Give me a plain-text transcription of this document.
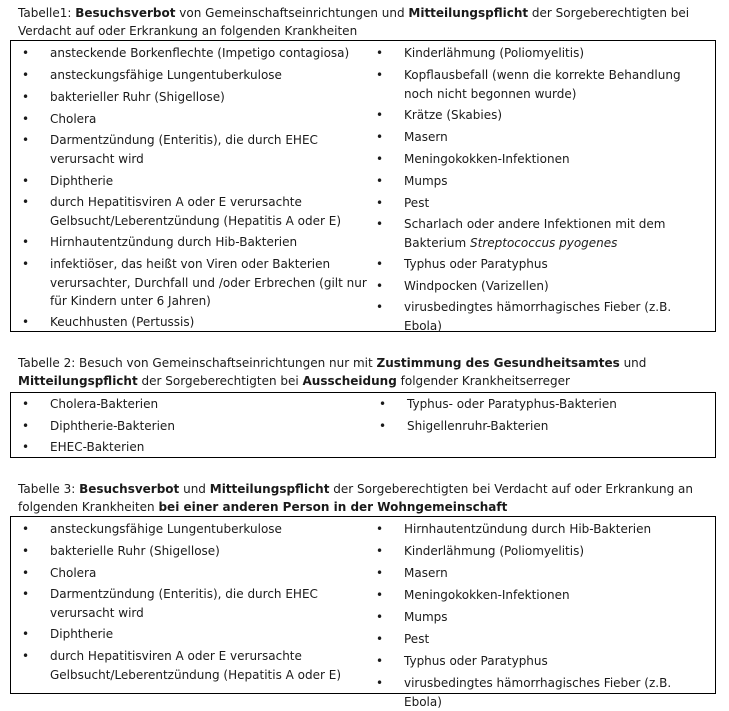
Tabelle1: Besuchsverbot von Gemeinschaftseinrichtungen und Mitteilungspflicht der Sorgeberechtigten bei Verdacht auf oder Erkrankung an folgenden Krankheiten
• ansteckende Borkenflechte (Impetigo contagiosa)
• ansteckungsfähige Lungentuberkulose
• bakterieller Ruhr (Shigellose)
• Cholera
• Darmentzündung (Enteritis), die durch EHEC verursacht wird
• Diphtherie
• durch Hepatitisviren A oder E verursachte Gelbsucht/Leberentzündung (Hepatitis A oder E)
• Hirnhautentzündung durch Hib-Bakterien
• infektiöser, das heißt von Viren oder Bakterien verursachter, Durchfall und /oder Erbrechen (gilt nur für Kindern unter 6 Jahren)
• Keuchhusten (Pertussis)
• Kinderlähmung (Poliomyelitis)
• Kopflausbefall (wenn die korrekte Behandlung noch nicht begonnen wurde)
• Krätze (Skabies)
• Masern
• Meningokokken-Infektionen
• Mumps
• Pest
• Scharlach oder andere Infektionen mit dem Bakterium Streptococcus pyogenes
• Typhus oder Paratyphus
• Windpocken (Varizellen)
• virusbedingtes hämorrhagisches Fieber (z.B. Ebola)
Tabelle 2: Besuch von Gemeinschaftseinrichtungen nur mit Zustimmung des Gesundheitsamtes und Mitteilungspflicht der Sorgeberechtigten bei Ausscheidung folgender Krankheitserreger
• Cholera-Bakterien
• Diphtherie-Bakterien
• EHEC-Bakterien
• Typhus- oder Paratyphus-Bakterien
• Shigellenruhr-Bakterien
Tabelle 3: Besuchsverbot und Mitteilungspflicht der Sorgeberechtigten bei Verdacht auf oder Erkrankung an folgenden Krankheiten bei einer anderen Person in der Wohngemeinschaft
• ansteckungsfähige Lungentuberkulose
• bakterielle Ruhr (Shigellose)
• Cholera
• Darmentzündung (Enteritis), die durch EHEC verursacht wird
• Diphtherie
• durch Hepatitisviren A oder E verursachte Gelbsucht/Leberentzündung (Hepatitis A oder E)
• Hirnhautentzündung durch Hib-Bakterien
• Kinderlähmung (Poliomyelitis)
• Masern
• Meningokokken-Infektionen
• Mumps
• Pest
• Typhus oder Paratyphus
• virusbedingtes hämorrhagisches Fieber (z.B. Ebola)
